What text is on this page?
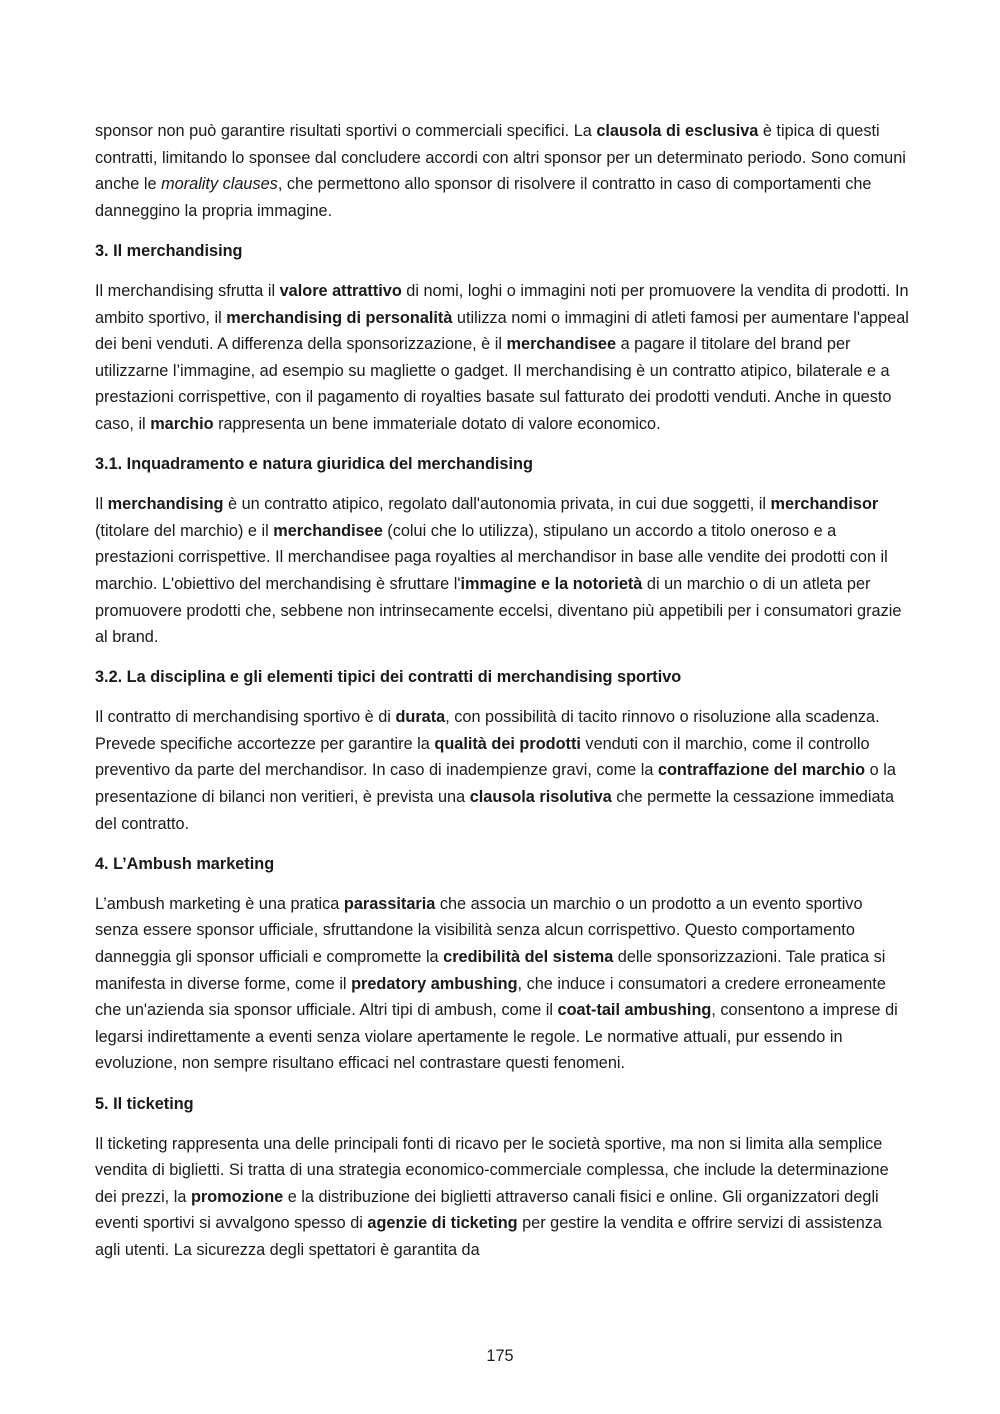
sponsor non può garantire risultati sportivi o commerciali specifici. La clausola di esclusiva è tipica di questi contratti, limitando lo sponsee dal concludere accordi con altri sponsor per un determinato periodo. Sono comuni anche le morality clauses, che permettono allo sponsor di risolvere il contratto in caso di comportamenti che danneggino la propria immagine.

3. Il merchandising

Il merchandising sfrutta il valore attrattivo di nomi, loghi o immagini noti per promuovere la vendita di prodotti. In ambito sportivo, il merchandising di personalità utilizza nomi o immagini di atleti famosi per aumentare l'appeal dei beni venduti. A differenza della sponsorizzazione, è il merchandisee a pagare il titolare del brand per utilizzarne l’immagine, ad esempio su magliette o gadget. Il merchandising è un contratto atipico, bilaterale e a prestazioni corrispettive, con il pagamento di royalties basate sul fatturato dei prodotti venduti. Anche in questo caso, il marchio rappresenta un bene immateriale dotato di valore economico.

3.1. Inquadramento e natura giuridica del merchandising

Il merchandising è un contratto atipico, regolato dall'autonomia privata, in cui due soggetti, il merchandisor (titolare del marchio) e il merchandisee (colui che lo utilizza), stipulano un accordo a titolo oneroso e a prestazioni corrispettive. Il merchandisee paga royalties al merchandisor in base alle vendite dei prodotti con il marchio. L'obiettivo del merchandising è sfruttare l'immagine e la notorietà di un marchio o di un atleta per promuovere prodotti che, sebbene non intrinsecamente eccelsi, diventano più appetibili per i consumatori grazie al brand.

3.2. La disciplina e gli elementi tipici dei contratti di merchandising sportivo

Il contratto di merchandising sportivo è di durata, con possibilità di tacito rinnovo o risoluzione alla scadenza. Prevede specifiche accortezze per garantire la qualità dei prodotti venduti con il marchio, come il controllo preventivo da parte del merchandisor. In caso di inadempienze gravi, come la contraffazione del marchio o la presentazione di bilanci non veritieri, è prevista una clausola risolutiva che permette la cessazione immediata del contratto.

4. L’Ambush marketing

L’ambush marketing è una pratica parassitaria che associa un marchio o un prodotto a un evento sportivo senza essere sponsor ufficiale, sfruttandone la visibilità senza alcun corrispettivo. Questo comportamento danneggia gli sponsor ufficiali e compromette la credibilità del sistema delle sponsorizzazioni. Tale pratica si manifesta in diverse forme, come il predatory ambushing, che induce i consumatori a credere erroneamente che un'azienda sia sponsor ufficiale. Altri tipi di ambush, come il coat-tail ambushing, consentono a imprese di legarsi indirettamente a eventi senza violare apertamente le regole. Le normative attuali, pur essendo in evoluzione, non sempre risultano efficaci nel contrastare questi fenomeni.

5. Il ticketing

Il ticketing rappresenta una delle principali fonti di ricavo per le società sportive, ma non si limita alla semplice vendita di biglietti. Si tratta di una strategia economico-commerciale complessa, che include la determinazione dei prezzi, la promozione e la distribuzione dei biglietti attraverso canali fisici e online. Gli organizzatori degli eventi sportivi si avvalgono spesso di agenzie di ticketing per gestire la vendita e offrire servizi di assistenza agli utenti. La sicurezza degli spettatori è garantita da

175
